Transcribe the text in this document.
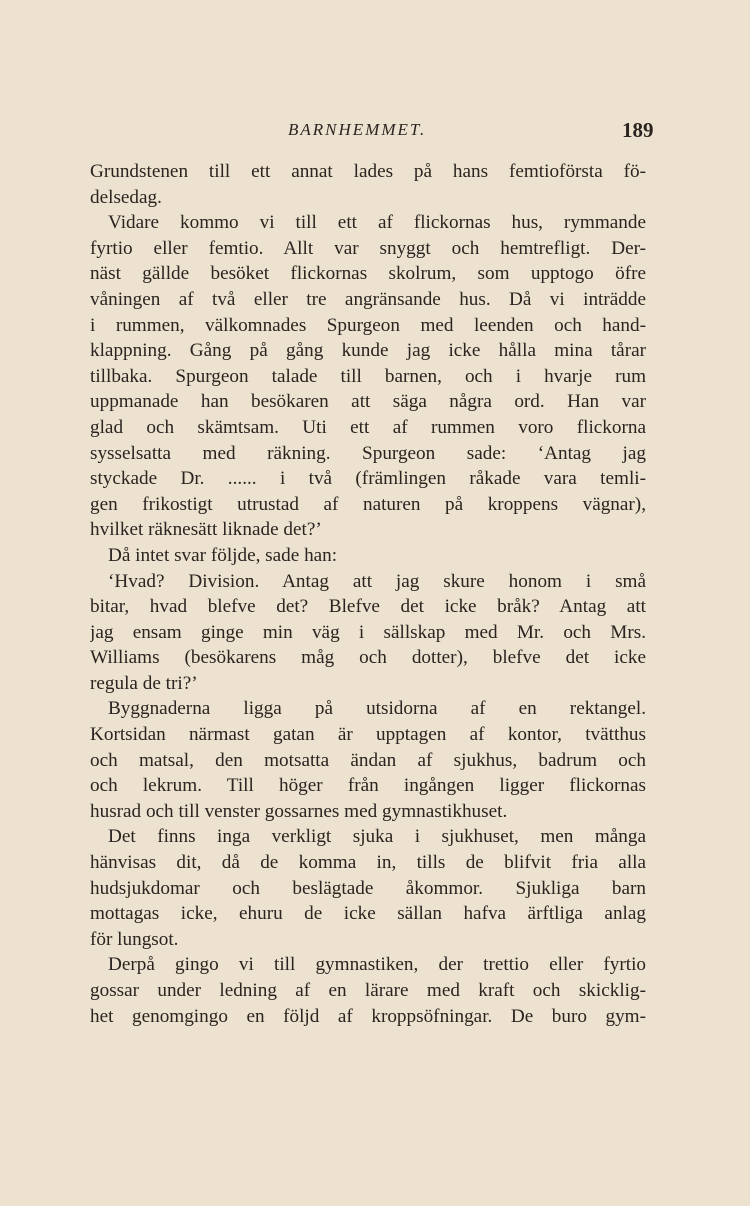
BARNHEMMET.	189
Grundstenen till ett annat lades på hans femtioförsta fö-
delsedag.
Vidare kommo vi till ett af flickornas hus, rymmande
fyrtio eller femtio. Allt var snyggt och hemtrefligt. Der-
näst gällde besöket flickornas skolrum, som upptogo öfre
våningen af två eller tre angränsande hus. Då vi inträdde
i rummen, välkomnades Spurgeon med leenden och hand-
klappning. Gång på gång kunde jag icke hålla mina tårar
tillbaka. Spurgeon talade till barnen, och i hvarje rum
uppmanade han besökaren att säga några ord. Han var
glad och skämtsam. Uti ett af rummen voro flickorna
sysselsatta med räkning. Spurgeon sade: ‘Antag jag
styckade Dr. ...... i två (främlingen råkade vara temli-
gen frikostigt utrustad af naturen på kroppens vägnar),
hvilket räknesätt liknade det?’
Då intet svar följde, sade han:
‘Hvad? Division. Antag att jag skure honom i små
bitar, hvad blefve det? Blefve det icke bråk? Antag att
jag ensam ginge min väg i sällskap med Mr. och Mrs.
Williams (besökarens måg och dotter), blefve det icke
regula de tri?’
Byggnaderna ligga på utsidorna af en rektangel.
Kortsidan närmast gatan är upptagen af kontor, tvätthus
och matsal, den motsatta ändan af sjukhus, badrum och
och lekrum. Till höger från ingången ligger flickornas
husrad och till venster gossarnes med gymnastikhuset.
Det finns inga verkligt sjuka i sjukhuset, men många
hänvisas dit, då de komma in, tills de blifvit fria alla
hudsjukdomar och beslägtade åkommor. Sjukliga barn
mottagas icke, ehuru de icke sällan hafva ärftliga anlag
för lungsot.
Derpå gingo vi till gymnastiken, der trettio eller fyrtio
gossar under ledning af en lärare med kraft och skicklig-
het genomgingo en följd af kroppsöfningar. De buro gym-
